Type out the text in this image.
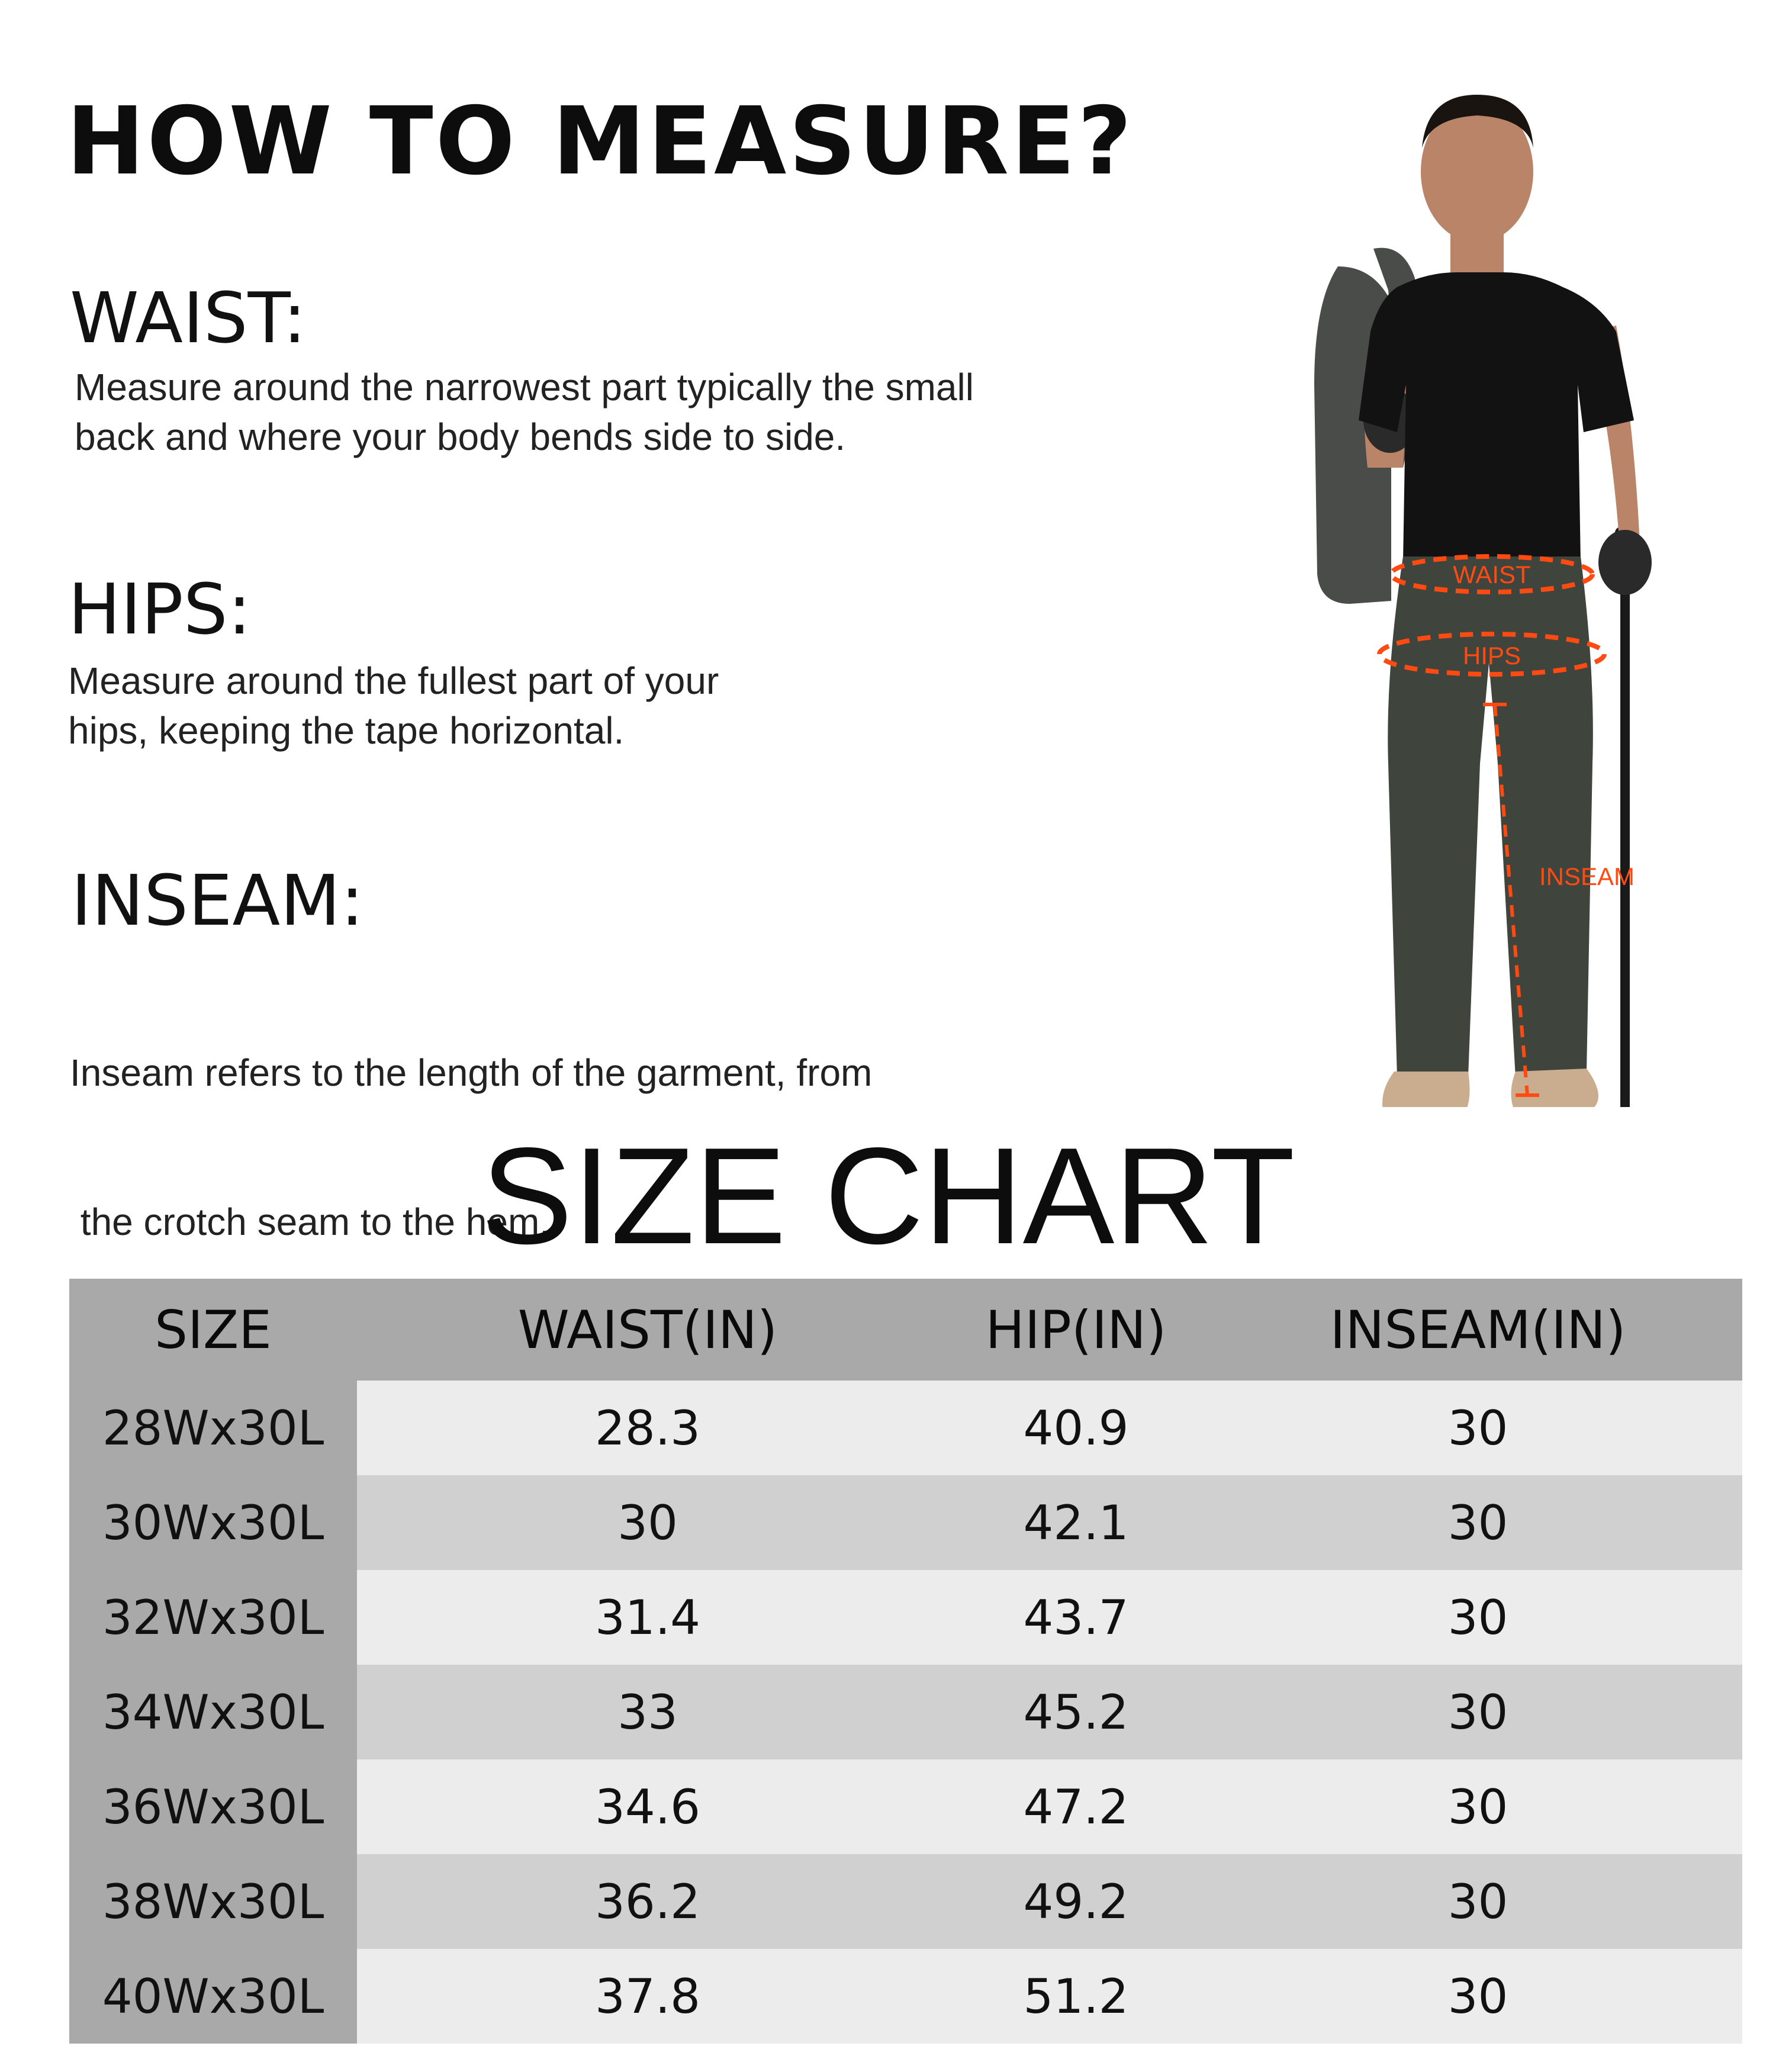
HOW TO MEASURE?
WAIST:

Measure around the narrowest part typically the small
back and where your body bends side to side.

HIPS:

Measure around the fullest part of your
hips, keeping the tape horizontal.

INSEAM:

Inseam refers to the length of the garment, from

the crotch seam to the hem.

WAIST
HIPS
INSEAM
SIZE CHART
SIZE	WAIST(IN)	HIP(IN)	INSEAM(IN)
28Wx30L	28.3	40.9	30
30Wx30L	30	42.1	30
32Wx30L	31.4	43.7	30
34Wx30L	33	45.2	30
36Wx30L	34.6	47.2	30
38Wx30L	36.2	49.2	30
40Wx30L	37.8	51.2	30
